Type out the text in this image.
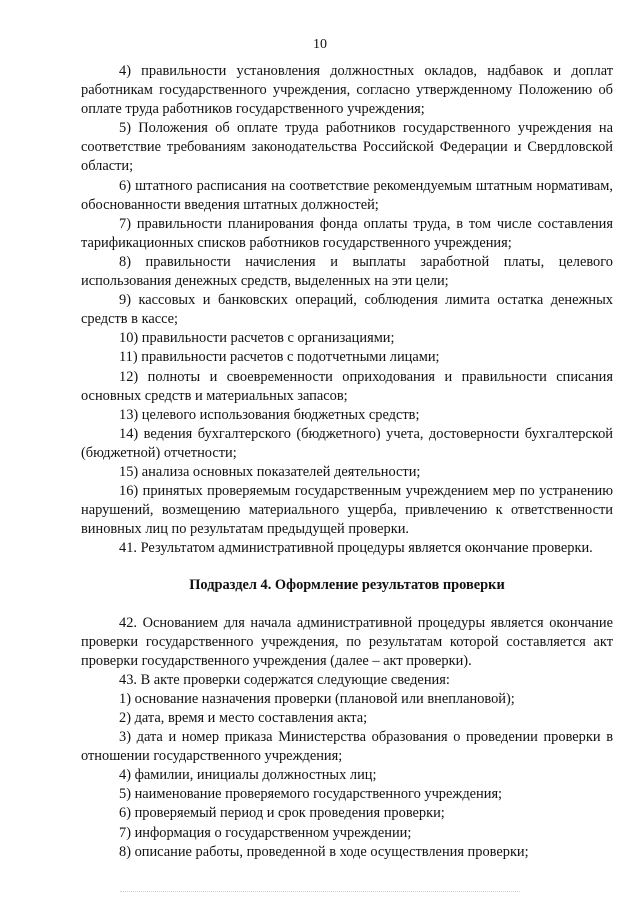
10

4) правильности установления должностных окладов, надбавок и доплат работникам государственного учреждения, согласно утвержденному Положению об оплате труда работников государственного учреждения;

5) Положения об оплате труда работников государственного учреждения на соответствие требованиям законодательства Российской Федерации и Свердловской области;

6) штатного расписания на соответствие рекомендуемым штатным нормативам, обоснованности введения штатных должностей;

7) правильности планирования фонда оплаты труда, в том числе составления тарификационных списков работников государственного учреждения;

8) правильности начисления и выплаты заработной платы, целевого использования денежных средств, выделенных на эти цели;

9) кассовых и банковских операций, соблюдения лимита остатка денежных средств в кассе;

10) правильности расчетов с организациями;

11) правильности расчетов с подотчетными лицами;

12) полноты и своевременности оприходования и правильности списания основных средств и материальных запасов;

13) целевого использования бюджетных средств;

14) ведения бухгалтерского (бюджетного) учета, достоверности бухгалтерской (бюджетной) отчетности;

15) анализа основных показателей деятельности;

16) принятых проверяемым государственным учреждением мер по устранению нарушений, возмещению материального ущерба, привлечению к ответственности виновных лиц по результатам предыдущей проверки.

41. Результатом административной процедуры является окончание проверки.

Подраздел 4. Оформление результатов проверки

42. Основанием для начала административной процедуры является окончание проверки государственного учреждения, по результатам которой составляется акт проверки государственного учреждения (далее – акт проверки).

43. В акте проверки содержатся следующие сведения:

1) основание назначения проверки (плановой или внеплановой);

2) дата, время и место составления акта;

3) дата и номер приказа Министерства образования о проведении проверки в отношении государственного учреждения;

4) фамилии, инициалы должностных лиц;

5) наименование проверяемого государственного учреждения;

6) проверяемый период и срок проведения проверки;

7) информация о государственном учреждении;

8) описание работы, проведенной в ходе осуществления проверки;
